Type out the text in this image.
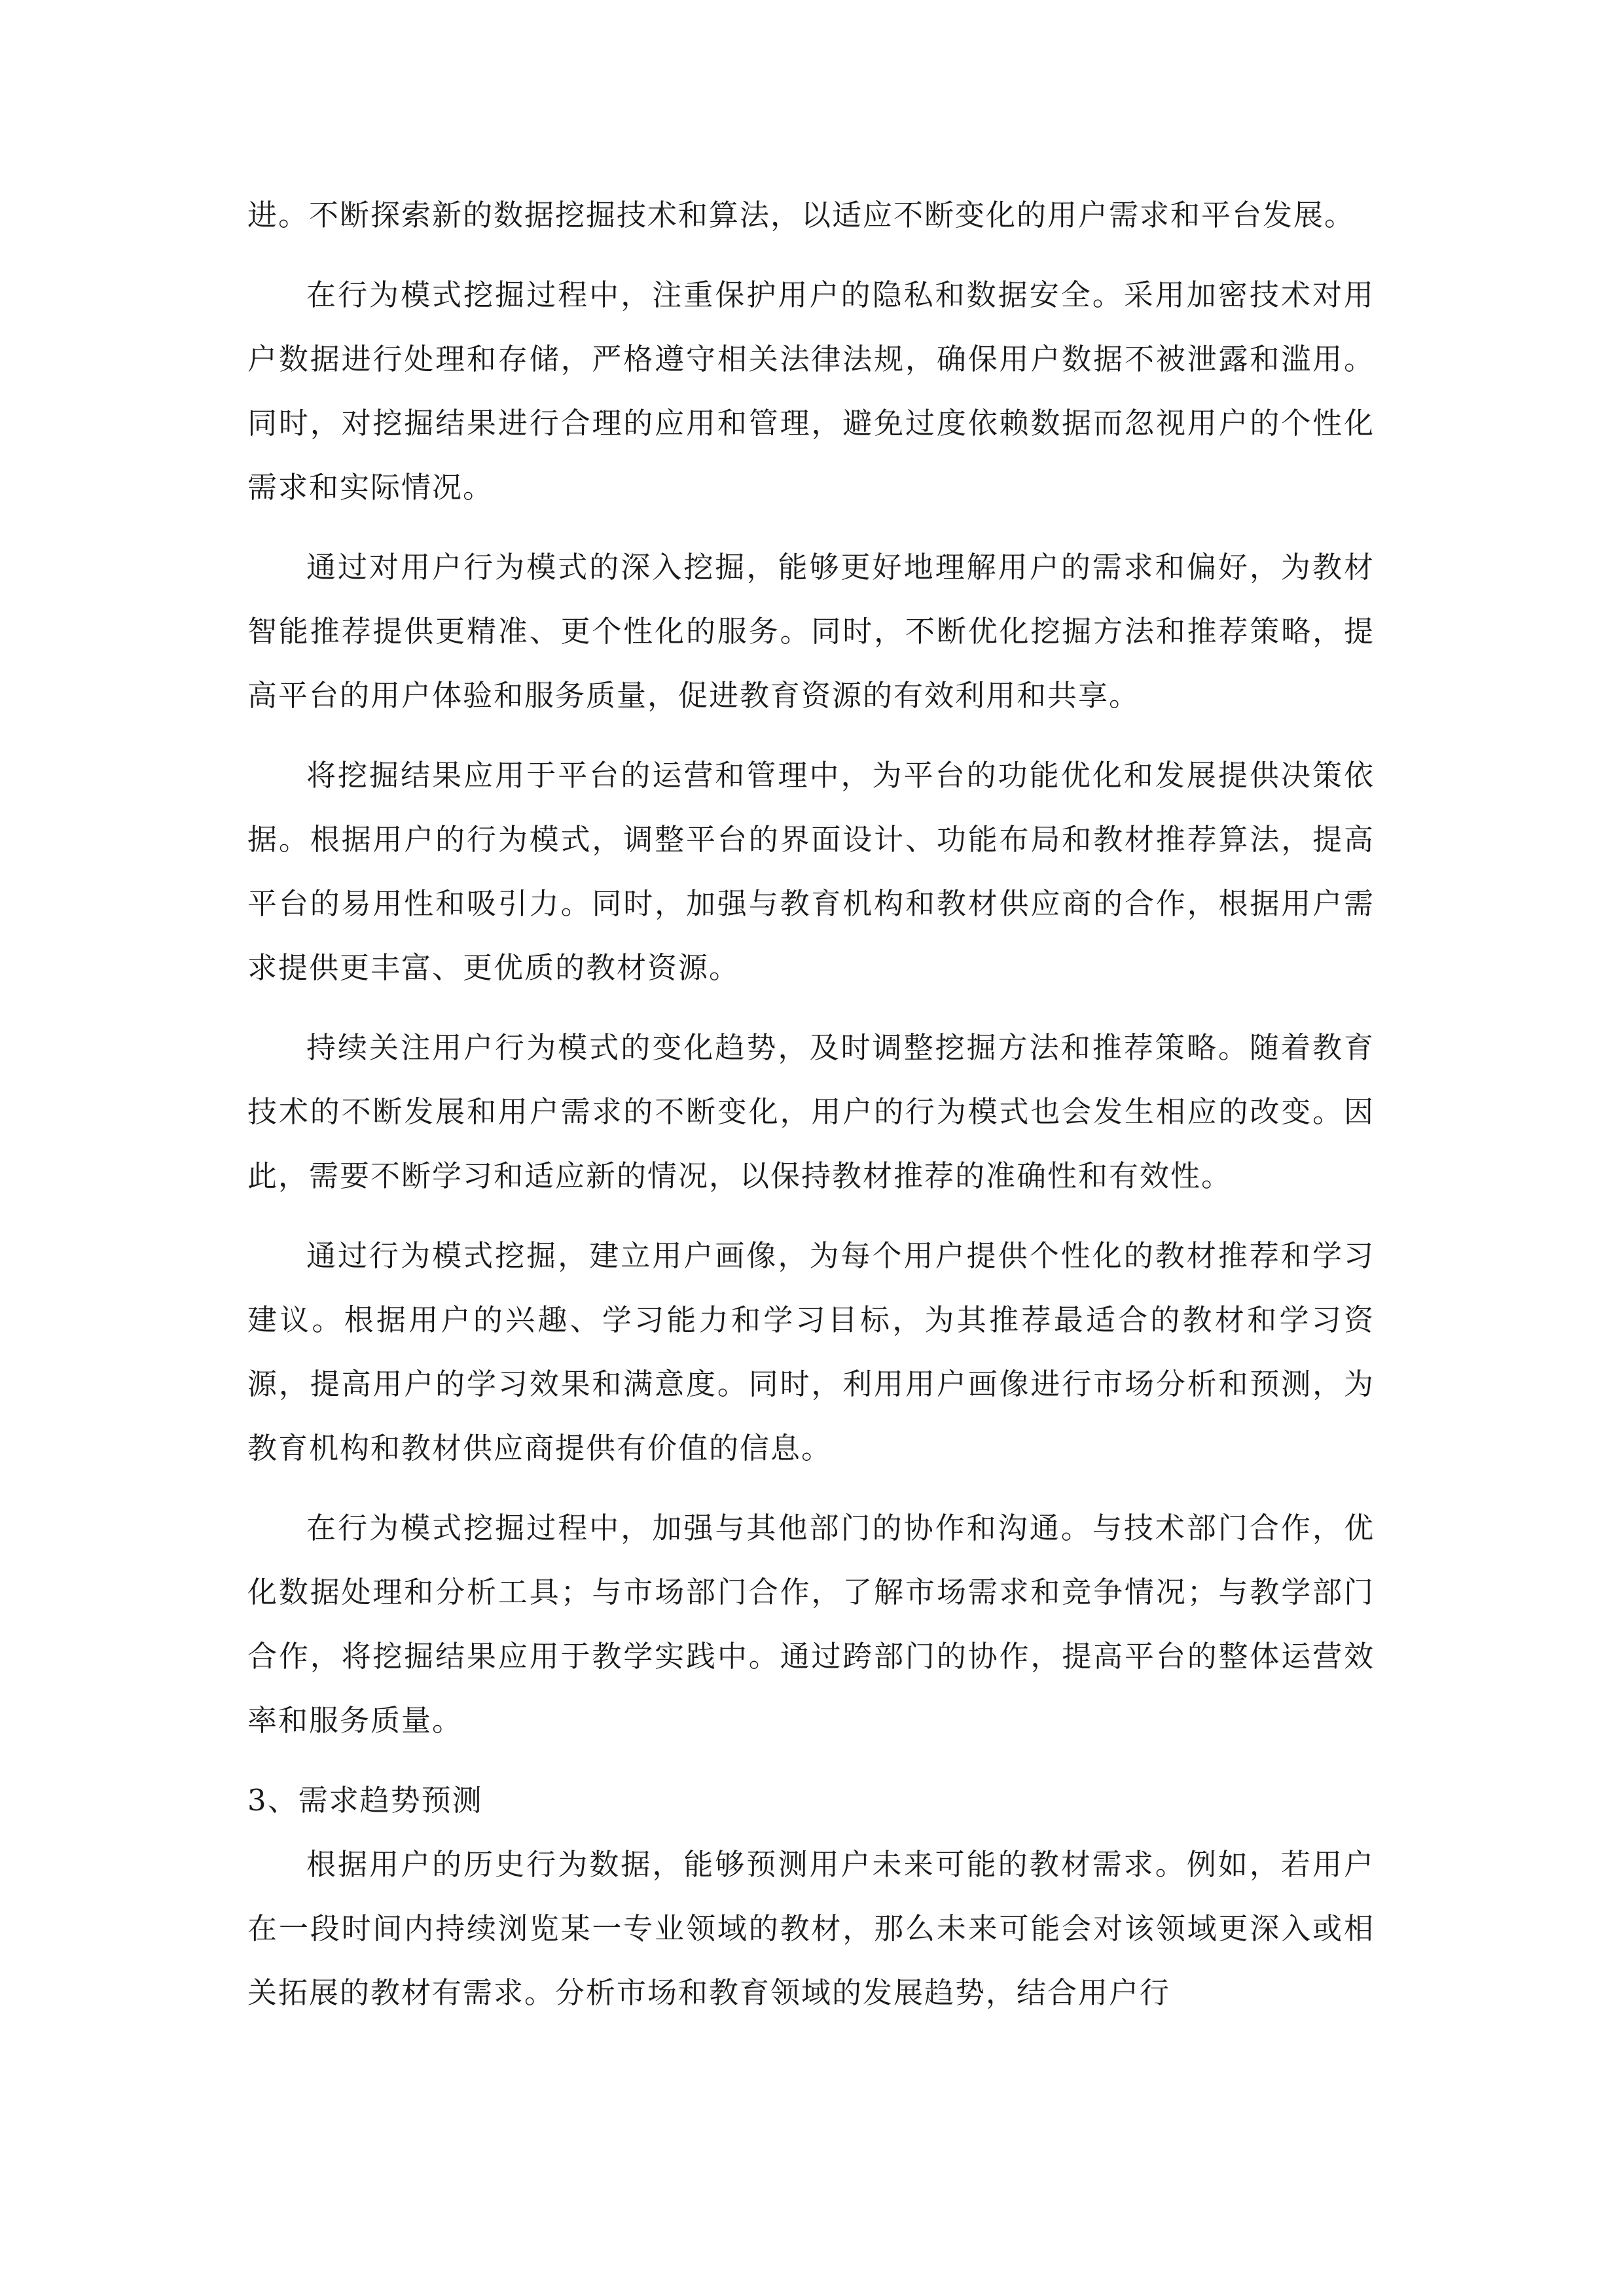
进。不断探索新的数据挖掘技术和算法，以适应不断变化的用户需求和平台发展。

在行为模式挖掘过程中，注重保护用户的隐私和数据安全。采用加密技术对用户数据进行处理和存储，严格遵守相关法律法规，确保用户数据不被泄露和滥用。同时，对挖掘结果进行合理的应用和管理，避免过度依赖数据而忽视用户的个性化需求和实际情况。

通过对用户行为模式的深入挖掘，能够更好地理解用户的需求和偏好，为教材智能推荐提供更精准、更个性化的服务。同时，不断优化挖掘方法和推荐策略，提高平台的用户体验和服务质量，促进教育资源的有效利用和共享。

将挖掘结果应用于平台的运营和管理中，为平台的功能优化和发展提供决策依据。根据用户的行为模式，调整平台的界面设计、功能布局和教材推荐算法，提高平台的易用性和吸引力。同时，加强与教育机构和教材供应商的合作，根据用户需求提供更丰富、更优质的教材资源。

持续关注用户行为模式的变化趋势，及时调整挖掘方法和推荐策略。随着教育技术的不断发展和用户需求的不断变化，用户的行为模式也会发生相应的改变。因此，需要不断学习和适应新的情况，以保持教材推荐的准确性和有效性。

通过行为模式挖掘，建立用户画像，为每个用户提供个性化的教材推荐和学习建议。根据用户的兴趣、学习能力和学习目标，为其推荐最适合的教材和学习资源，提高用户的学习效果和满意度。同时，利用用户画像进行市场分析和预测，为教育机构和教材供应商提供有价值的信息。

在行为模式挖掘过程中，加强与其他部门的协作和沟通。与技术部门合作，优化数据处理和分析工具；与市场部门合作，了解市场需求和竞争情况；与教学部门合作，将挖掘结果应用于教学实践中。通过跨部门的协作，提高平台的整体运营效率和服务质量。

3、需求趋势预测

根据用户的历史行为数据，能够预测用户未来可能的教材需求。例如，若用户在一段时间内持续浏览某一专业领域的教材，那么未来可能会对该领域更深入或相关拓展的教材有需求。分析市场和教育领域的发展趋势，结合用户行
